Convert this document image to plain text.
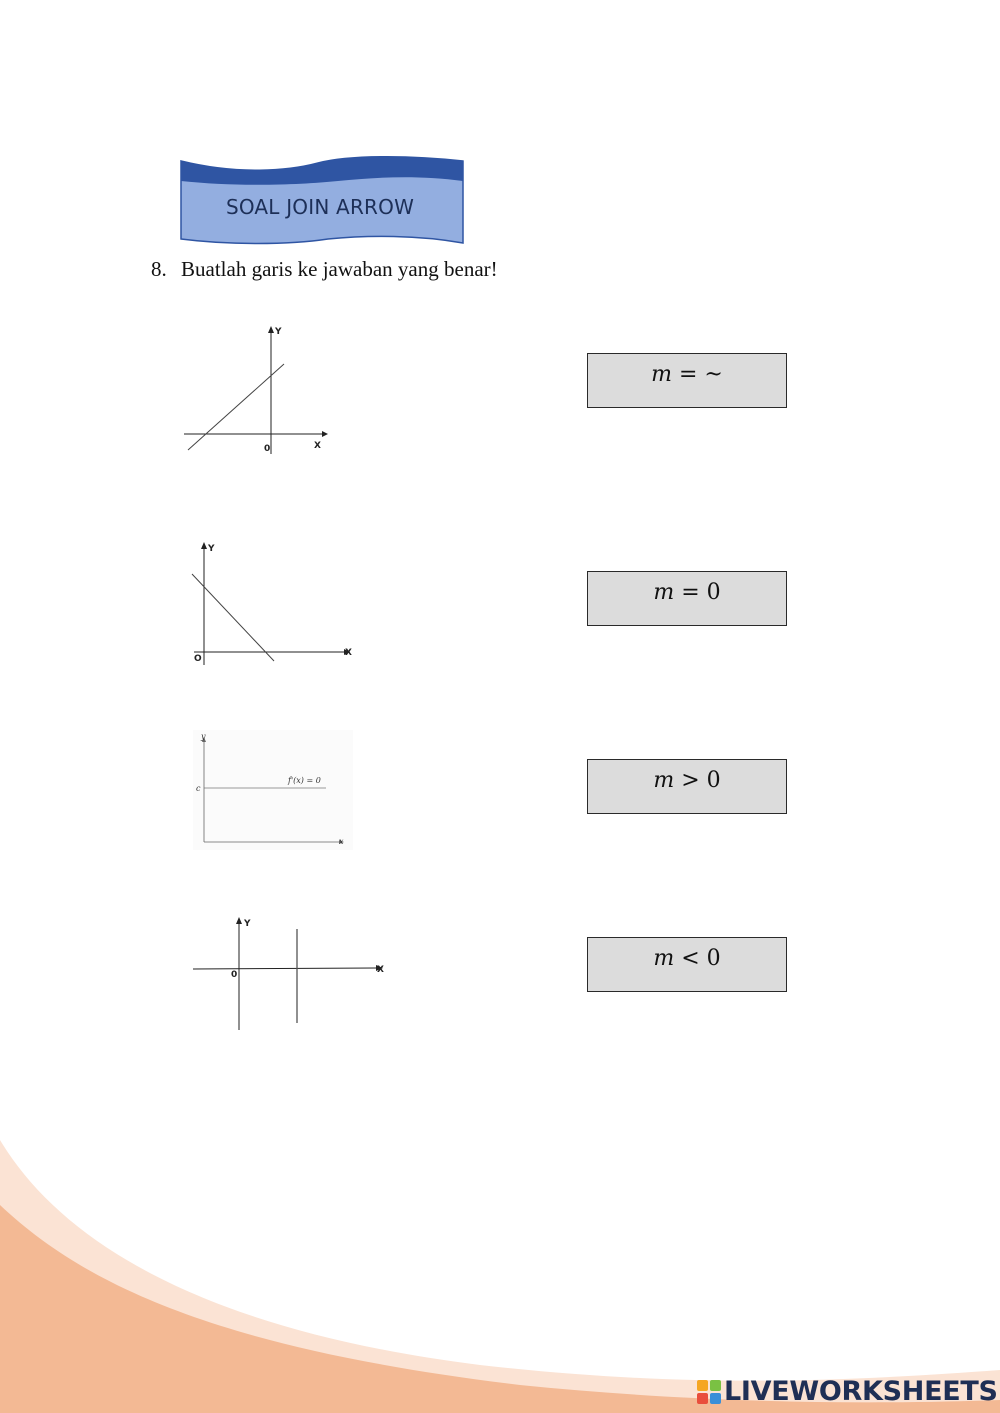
SOAL JOIN ARROW
8. Buatlah garis ke jawaban yang benar!
Y
X
0
Y
X
O
y
x
c
f'(x) = 0
Y
X
0
m = ~
m = 0
m > 0
m < 0
LIVEWORKSHEETS
